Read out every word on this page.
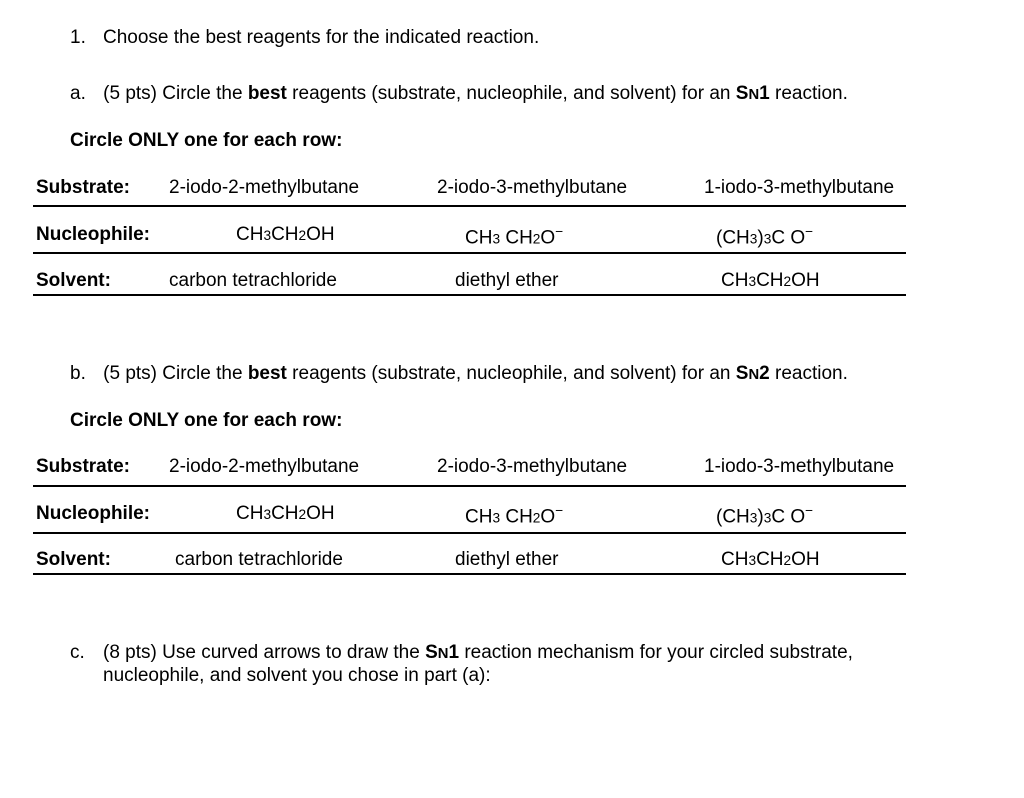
1. Choose the best reagents for the indicated reaction.
a. (5 pts) Circle the best reagents (substrate, nucleophile, and solvent) for an SN1 reaction.
Circle ONLY one for each row:
Substrate: 2-iodo-2-methylbutane	2-iodo-3-methylbutane	1-iodo-3-methylbutane
Nucleophile:	CH3CH2OH	CH3 CH2O−	(CH3)3C O−
Solvent:	carbon tetrachloride	diethyl ether	CH3CH2OH
b. (5 pts) Circle the best reagents (substrate, nucleophile, and solvent) for an SN2 reaction.
Circle ONLY one for each row:
Substrate: 2-iodo-2-methylbutane	2-iodo-3-methylbutane	1-iodo-3-methylbutane
Nucleophile:	CH3CH2OH	CH3 CH2O−	(CH3)3C O−
Solvent:	carbon tetrachloride	diethyl ether	CH3CH2OH
c. (8 pts) Use curved arrows to draw the SN1 reaction mechanism for your circled substrate,
nucleophile, and solvent you chose in part (a):
